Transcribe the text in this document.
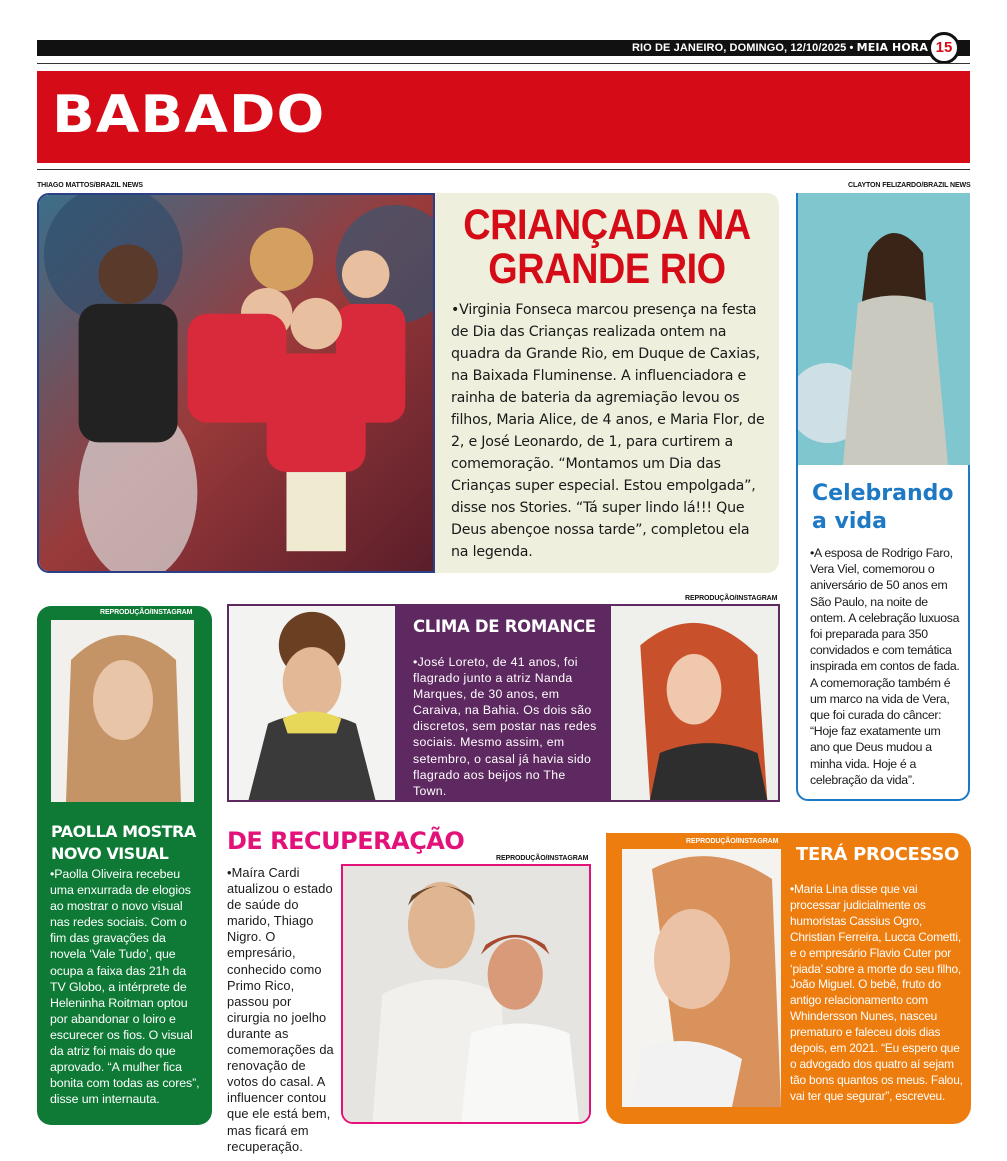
RIO DE JANEIRO, DOMINGO, 12/10/2025 • MEIA HORA 15
BABADO
THIAGO MATTOS/BRAZIL NEWS
CRIANÇADA NA
GRANDE RIO
•Virginia Fonseca marcou presença na festa de Dia das Crianças realizada ontem na quadra da Grande Rio, em Duque de Caxias, na Baixada Fluminense. A influenciadora e rainha de bateria da agremiação levou os filhos, Maria Alice, de 4 anos, e Maria Flor, de 2, e José Leonardo, de 1, para curtirem a comemoração. “Montamos um Dia das Crianças super especial. Estou empolgada”, disse nos Stories. “Tá super lindo lá!!! Que Deus abençoe nossa tarde”, completou ela na legenda.
CLAYTON FELIZARDO/BRAZIL NEWS
Celebrando
a vida
•A esposa de Rodrigo Faro, Vera Viel, comemorou o aniversário de 50 anos em São Paulo, na noite de ontem. A celebração luxuosa foi preparada para 350 convidados e com temática inspirada em contos de fada. A comemoração também é um marco na vida de Vera, que foi curada do câncer: “Hoje faz exatamente um ano que Deus mudou a minha vida. Hoje é a celebração da vida”.
REPRODUÇÃO/INSTAGRAM
PAOLLA MOSTRA
NOVO VISUAL
•Paolla Oliveira recebeu uma enxurrada de elogios ao mostrar o novo visual nas redes sociais. Com o fim das gravações da novela ‘Vale Tudo’, que ocupa a faixa das 21h da TV Globo, a intérprete de Heleninha Roitman optou por abandonar o loiro e escurecer os fios. O visual da atriz foi mais do que aprovado. “A mulher fica bonita com todas as cores”, disse um internauta.
REPRODUÇÃO/INSTAGRAM
CLIMA DE ROMANCE
•José Loreto, de 41 anos, foi flagrado junto a atriz Nanda Marques, de 30 anos, em Caraiva, na Bahia. Os dois são discretos, sem postar nas redes sociais. Mesmo assim, em setembro, o casal já havia sido flagrado aos beijos no The Town.
DE RECUPERAÇÃO
REPRODUÇÃO/INSTAGRAM
•Maíra Cardi atualizou o estado de saúde do marido, Thiago Nigro. O empresário, conhecido como Primo Rico, passou por cirurgia no joelho durante as comemorações da renovação de votos do casal. A influencer contou que ele está bem, mas ficará em recuperação.
REPRODUÇÃO/INSTAGRAM
TERÁ PROCESSO
•Maria Lina disse que vai processar judicialmente os humoristas Cassius Ogro, Christian Ferreira, Lucca Cometti, e o empresário Flavio Cuter por ‘piada’ sobre a morte do seu filho, João Miguel. O bebê, fruto do antigo relacionamento com Whindersson Nunes, nasceu prematuro e faleceu dois dias depois, em 2021. “Eu espero que o advogado dos quatro aí sejam tão bons quantos os meus. Falou, vai ter que segurar”, escreveu.
